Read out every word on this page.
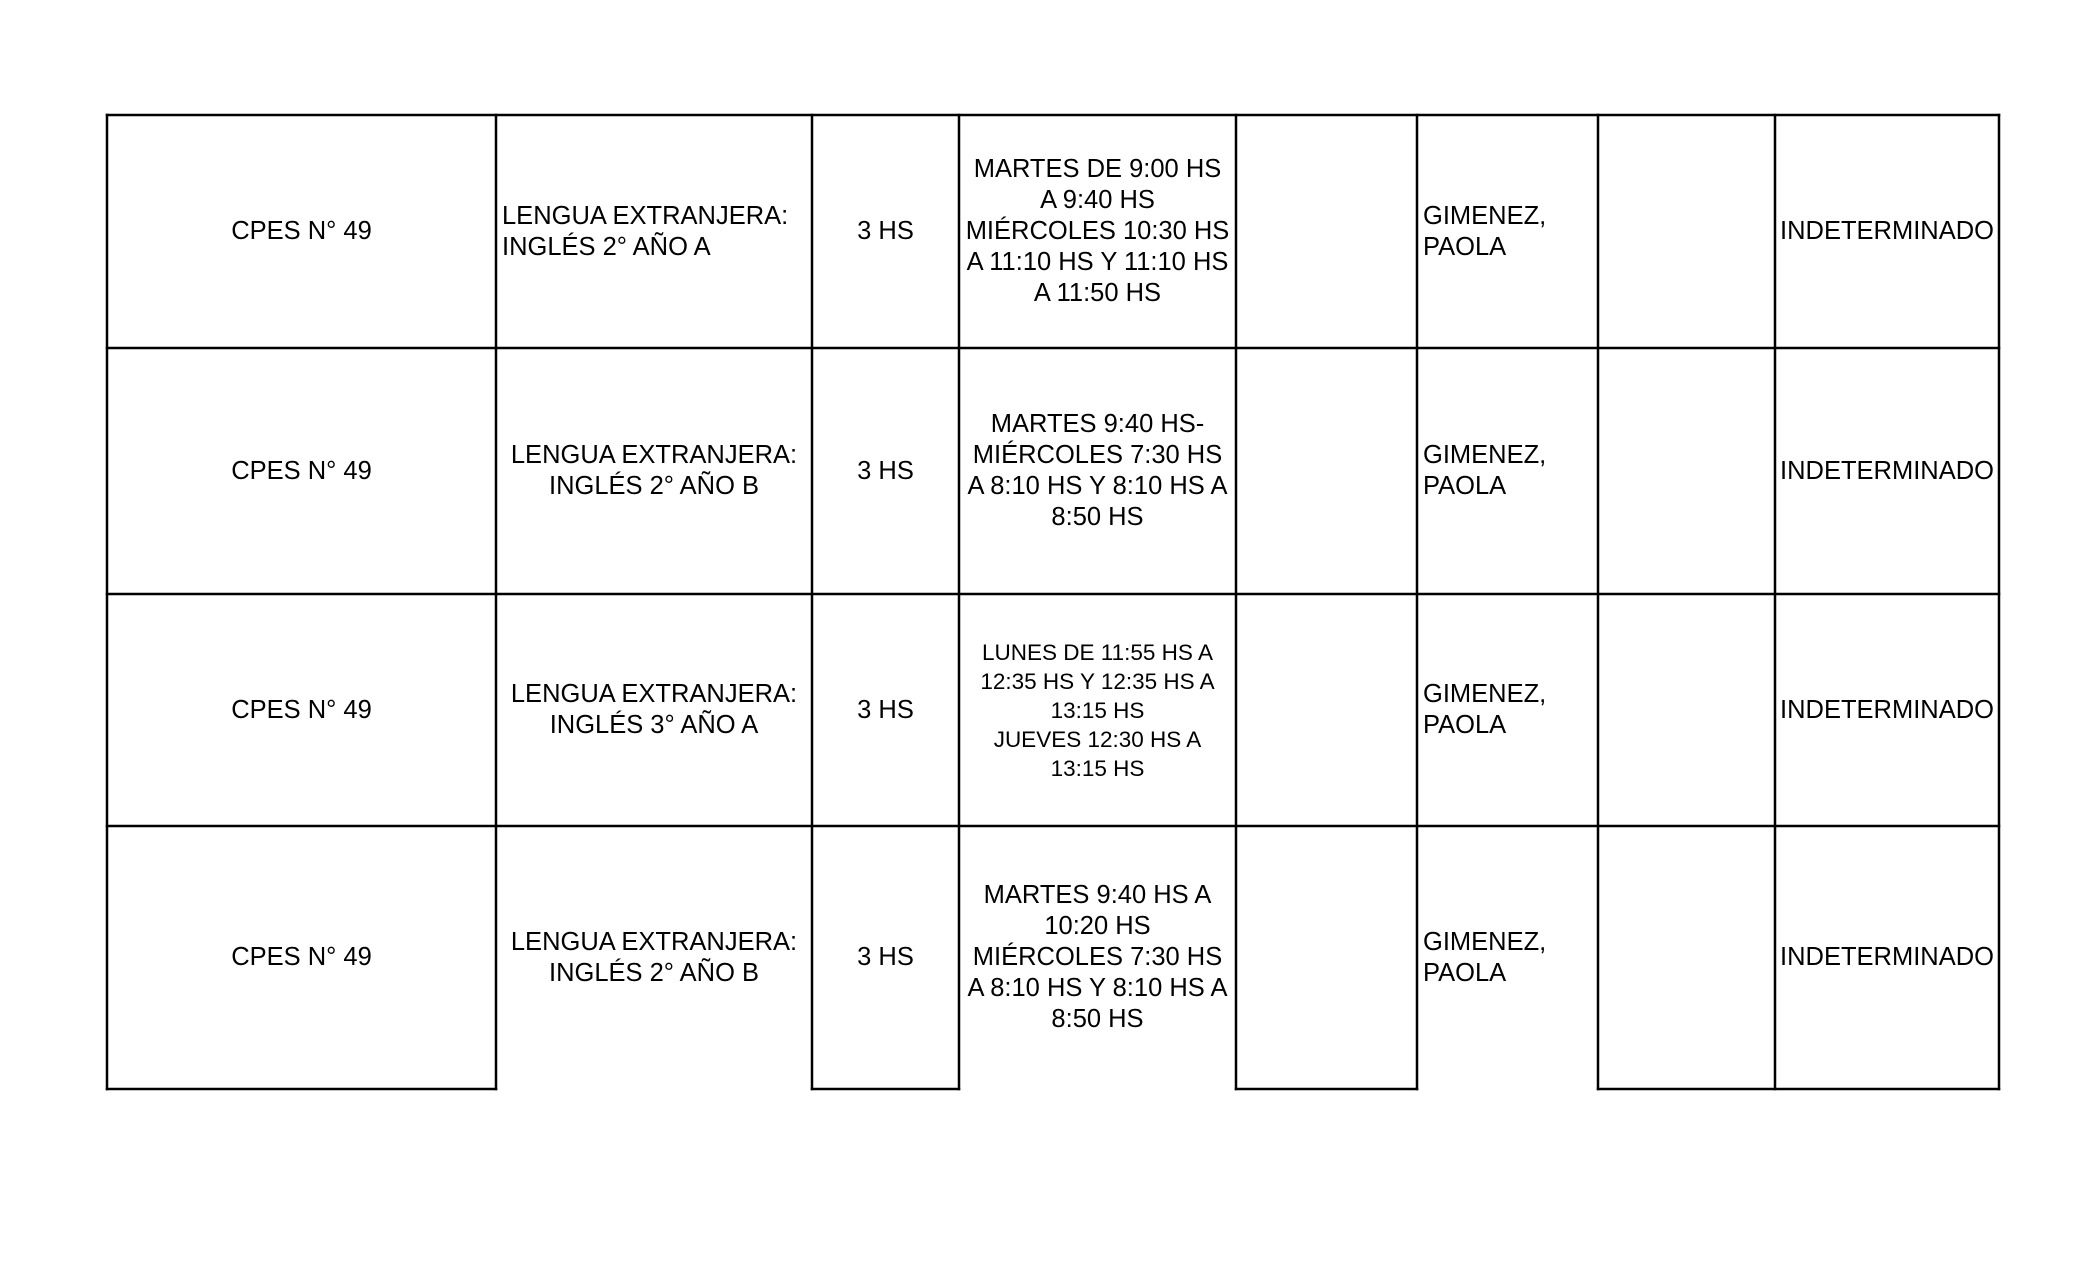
CPES N° 49
LENGUA EXTRANJERA:
INGLÉS 2° AÑO A
3 HS
MARTES DE 9:00 HS
A 9:40 HS
MIÉRCOLES 10:30 HS
A 11:10 HS Y 11:10 HS
A 11:50 HS
GIMENEZ,
PAOLA
INDETERMINADO
CPES N° 49
LENGUA EXTRANJERA:
INGLÉS 2° AÑO B
3 HS
MARTES 9:40 HS-
MIÉRCOLES 7:30 HS
A 8:10 HS Y 8:10 HS A
8:50 HS
GIMENEZ,
PAOLA
INDETERMINADO
CPES N° 49
LENGUA EXTRANJERA:
INGLÉS 3° AÑO A
3 HS
LUNES DE 11:55 HS A
12:35 HS Y 12:35 HS A
13:15 HS
JUEVES 12:30 HS A
13:15 HS
GIMENEZ,
PAOLA
INDETERMINADO
CPES N° 49
LENGUA EXTRANJERA:
INGLÉS 2° AÑO B
3 HS
MARTES 9:40 HS A
10:20 HS
MIÉRCOLES 7:30 HS
A 8:10 HS Y 8:10 HS A
8:50 HS
GIMENEZ,
PAOLA
INDETERMINADO
